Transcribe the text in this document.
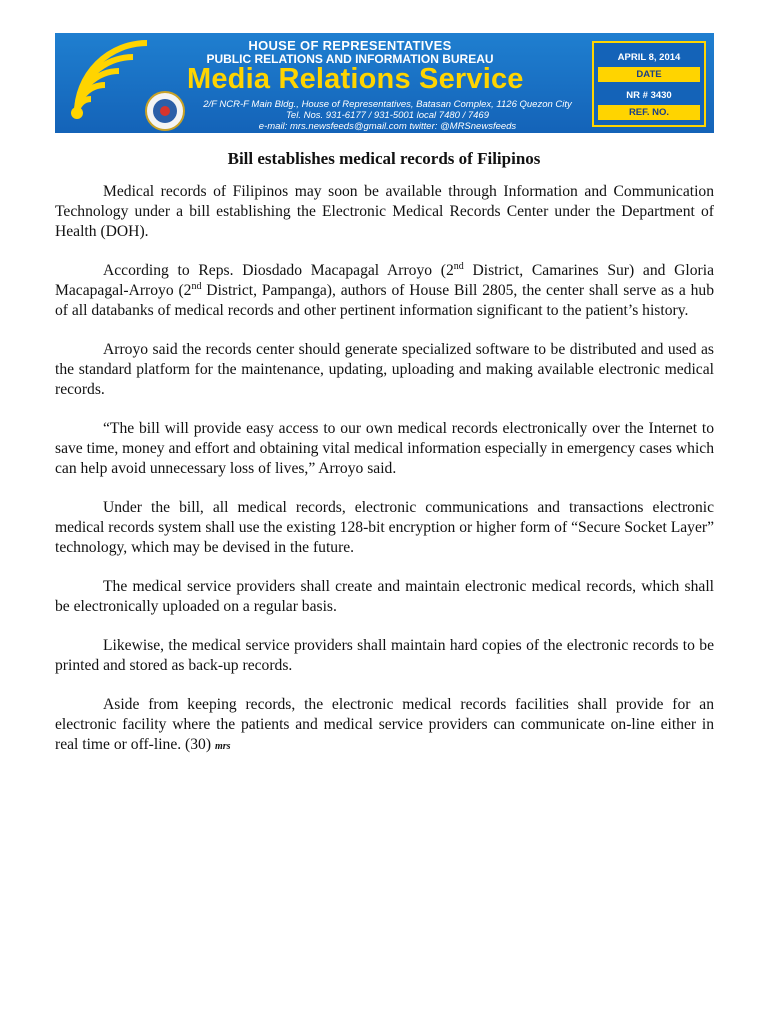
HOUSE OF REPRESENTATIVES
PUBLIC RELATIONS AND INFORMATION BUREAU
Media Relations Service
2/F NCR-F Main Bldg., House of Representatives, Batasan Complex, 1126 Quezon City
Tel. Nos. 931-6177 / 931-5001 local 7480 / 7469
e-mail: mrs.newsfeeds@gmail.com twitter: @MRSnewsfeeds
APRIL 8, 2014
DATE
NR # 3430
REF. NO.
Bill establishes medical records of Filipinos

Medical records of Filipinos may soon be available through Information and Communication Technology under a bill establishing the Electronic Medical Records Center under the Department of Health (DOH).

According to Reps. Diosdado Macapagal Arroyo (2nd District, Camarines Sur) and Gloria Macapagal-Arroyo (2nd District, Pampanga), authors of House Bill 2805, the center shall serve as a hub of all databanks of medical records and other pertinent information significant to the patient’s history.

Arroyo said the records center should generate specialized software to be distributed and used as the standard platform for the maintenance, updating, uploading and making available electronic medical records.

“The bill will provide easy access to our own medical records electronically over the Internet to save time, money and effort and obtaining vital medical information especially in emergency cases which can help avoid unnecessary loss of lives,” Arroyo said.

Under the bill, all medical records, electronic communications and transactions electronic medical records system shall use the existing 128-bit encryption or higher form of “Secure Socket Layer” technology, which may be devised in the future.

The medical service providers shall create and maintain electronic medical records, which shall be electronically uploaded on a regular basis.

Likewise, the medical service providers shall maintain hard copies of the electronic records to be printed and stored as back-up records.

Aside from keeping records, the electronic medical records facilities shall provide for an electronic facility where the patients and medical service providers can communicate on-line either in real time or off-line. (30) mrs
